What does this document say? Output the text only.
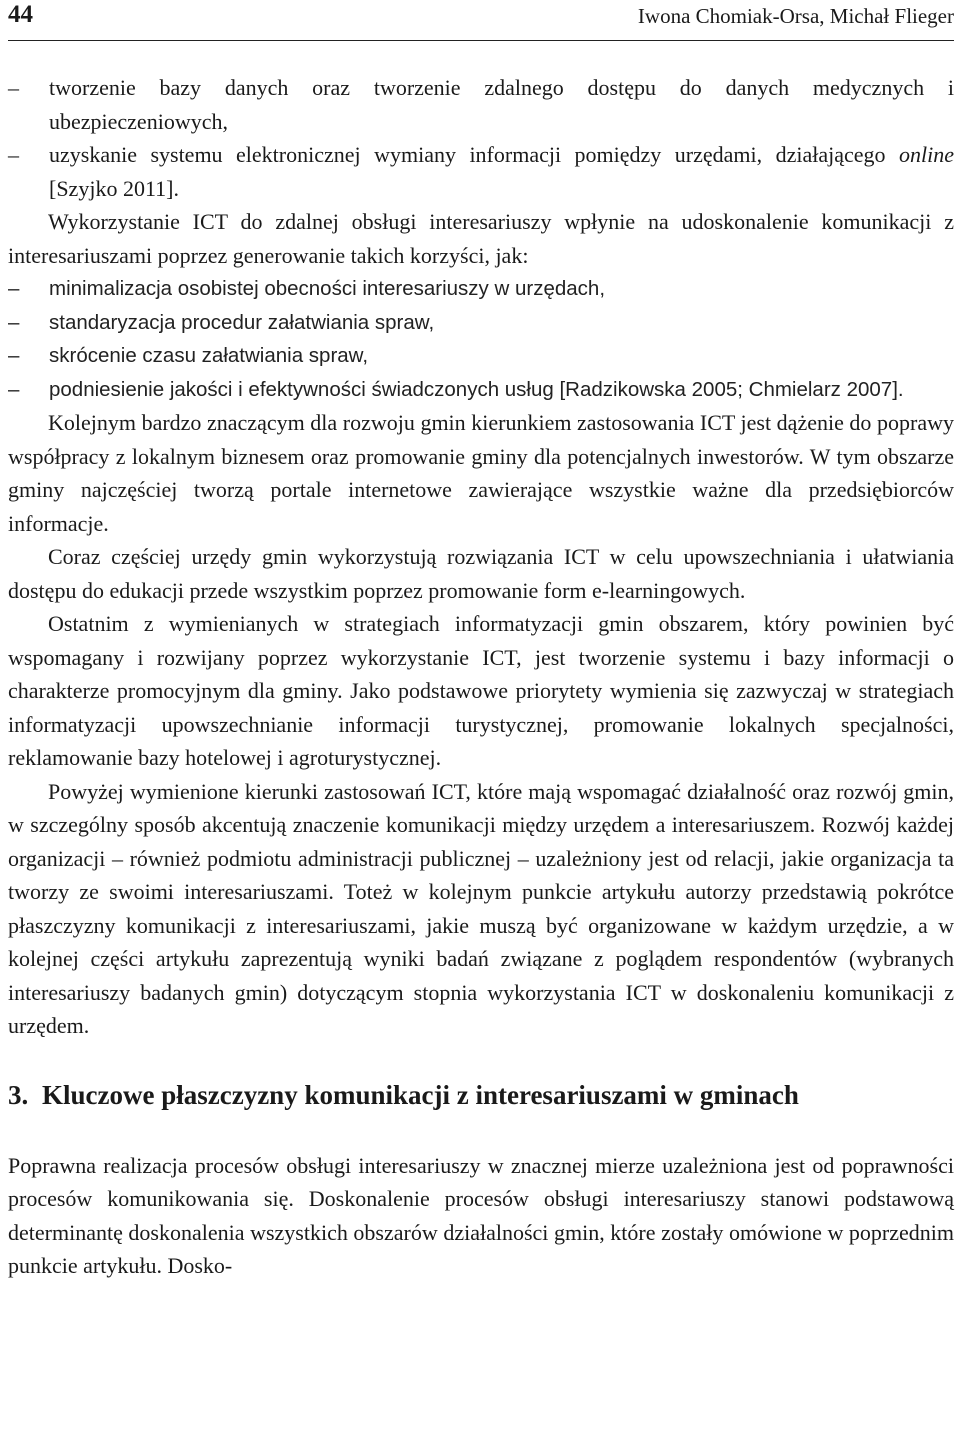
44	Iwona Chomiak-Orsa, Michał Flieger
– tworzenie bazy danych oraz tworzenie zdalnego dostępu do danych medycznych i ubezpieczeniowych,
– uzyskanie systemu elektronicznej wymiany informacji pomiędzy urzędami, działającego online [Szyjko 2011].

Wykorzystanie ICT do zdalnej obsługi interesariuszy wpłynie na udoskonalenie komunikacji z interesariuszami poprzez generowanie takich korzyści, jak:

– minimalizacja osobistej obecności interesariuszy w urzędach,
– standaryzacja procedur załatwiania spraw,
– skrócenie czasu załatwiania spraw,
– podniesienie jakości i efektywności świadczonych usług [Radzikowska 2005; Chmielarz 2007].

Kolejnym bardzo znaczącym dla rozwoju gmin kierunkiem zastosowania ICT jest dążenie do poprawy współpracy z lokalnym biznesem oraz promowanie gminy dla potencjalnych inwestorów. W tym obszarze gminy najczęściej tworzą portale internetowe zawierające wszystkie ważne dla przedsiębiorców informacje.

Coraz częściej urzędy gmin wykorzystują rozwiązania ICT w celu upowszechniania i ułatwiania dostępu do edukacji przede wszystkim poprzez promowanie form e-learningowych.

Ostatnim z wymienianych w strategiach informatyzacji gmin obszarem, który powinien być wspomagany i rozwijany poprzez wykorzystanie ICT, jest tworzenie systemu i bazy informacji o charakterze promocyjnym dla gminy. Jako podstawowe priorytety wymienia się zazwyczaj w strategiach informatyzacji upowszechnianie informacji turystycznej, promowanie lokalnych specjalności, reklamowanie bazy hotelowej i agroturystycznej.

Powyżej wymienione kierunki zastosowań ICT, które mają wspomagać działalność oraz rozwój gmin, w szczególny sposób akcentują znaczenie komunikacji między urzędem a interesariuszem. Rozwój każdej organizacji – również podmiotu administracji publicznej – uzależniony jest od relacji, jakie organizacja ta tworzy ze swoimi interesariuszami. Toteż w kolejnym punkcie artykułu autorzy przedstawią pokrótce płaszczyzny komunikacji z interesariuszami, jakie muszą być organizowane w każdym urzędzie, a w kolejnej części artykułu zaprezentują wyniki badań związane z poglądem respondentów (wybranych interesariuszy badanych gmin) dotyczącym stopnia wykorzystania ICT w doskonaleniu komunikacji z urzędem.

3. Kluczowe płaszczyzny komunikacji z interesariuszami w gminach

Poprawna realizacja procesów obsługi interesariuszy w znacznej mierze uzależniona jest od poprawności procesów komunikowania się. Doskonalenie procesów obsługi interesariuszy stanowi podstawową determinantę doskonalenia wszystkich obszarów działalności gmin, które zostały omówione w poprzednim punkcie artykułu. Dosko-
